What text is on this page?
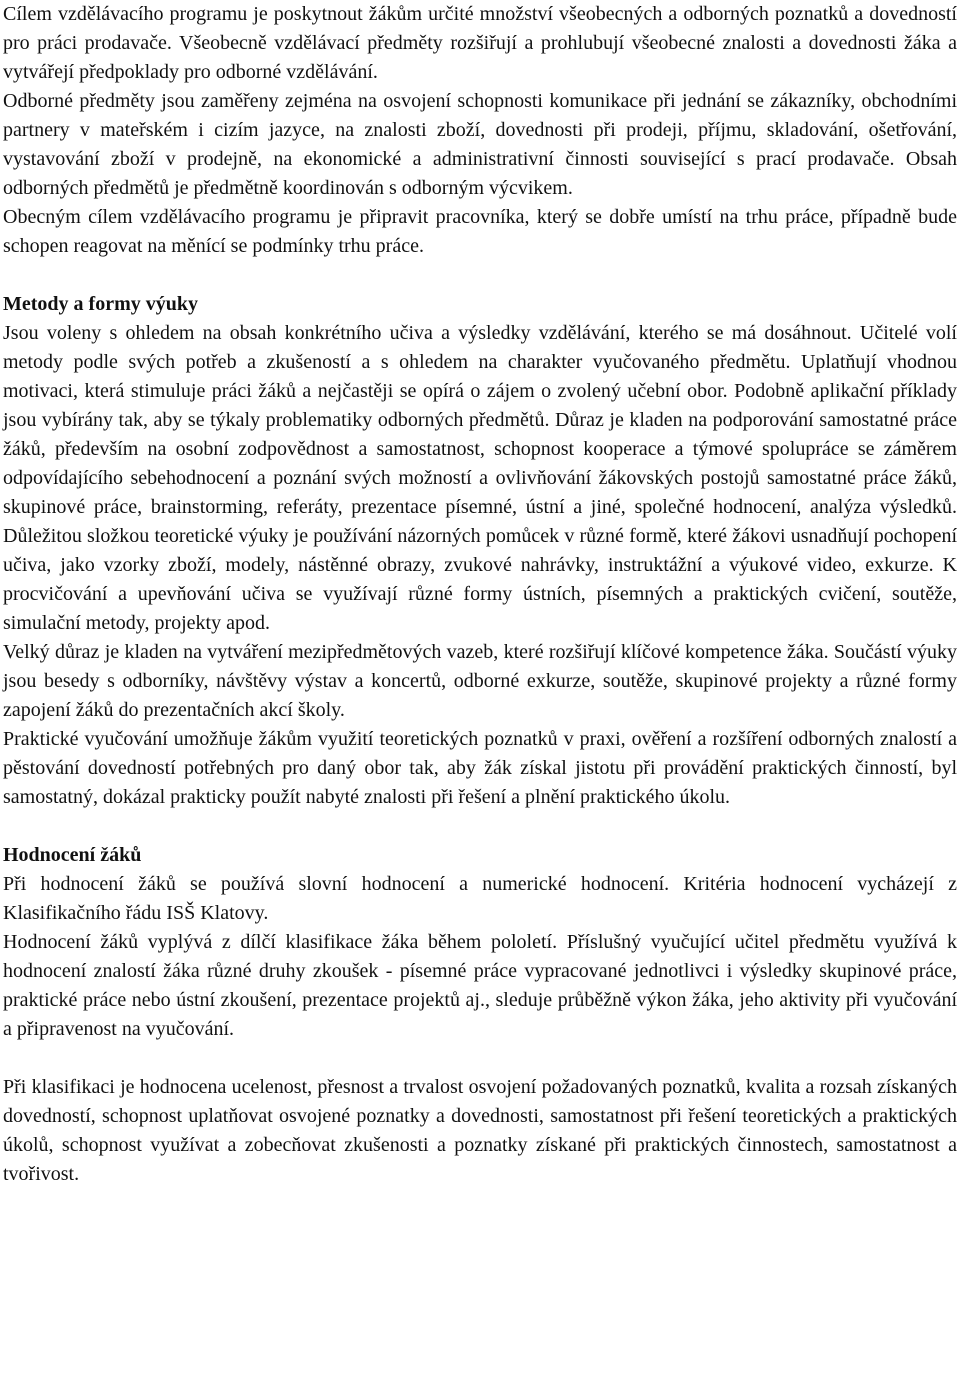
Cílem vzdělávacího programu je poskytnout žákům určité množství všeobecných a odborných poznatků a dovedností pro práci prodavače. Všeobecně vzdělávací předměty rozšiřují a prohlubují všeobecné znalosti a dovednosti žáka a vytvářejí předpoklady pro odborné vzdělávání.

Odborné předměty jsou zaměřeny zejména na osvojení schopnosti komunikace při jednání se zákazníky, obchodními partnery v mateřském i cizím jazyce, na znalosti zboží, dovednosti při prodeji, příjmu, skladování, ošetřování, vystavování zboží v prodejně, na ekonomické a administrativní činnosti související s prací prodavače. Obsah odborných předmětů je předmětně koordinován s odborným výcvikem.

Obecným cílem vzdělávacího programu je připravit pracovníka, který se dobře umístí na trhu práce, případně bude schopen reagovat na měnící se podmínky trhu práce.

Metody a formy výuky

Jsou voleny s ohledem na obsah konkrétního učiva a výsledky vzdělávání, kterého se má dosáhnout. Učitelé volí metody podle svých potřeb a zkušeností a s ohledem na charakter vyučovaného předmětu. Uplatňují vhodnou motivaci, která stimuluje práci žáků a nejčastěji se opírá o zájem o zvolený učební obor. Podobně aplikační příklady jsou vybírány tak, aby se týkaly problematiky odborných předmětů. Důraz je kladen na podporování samostatné práce žáků, především na osobní zodpovědnost a samostatnost, schopnost kooperace a týmové spolupráce se záměrem odpovídajícího sebehodnocení a poznání svých možností a ovlivňování žákovských postojů samostatné práce žáků, skupinové práce, brainstorming, referáty, prezentace písemné, ústní a jiné, společné hodnocení, analýza výsledků. Důležitou složkou teoretické výuky je používání názorných pomůcek v různé formě, které žákovi usnadňují pochopení učiva, jako vzorky zboží, modely, nástěnné obrazy, zvukové nahrávky, instruktážní a výukové video, exkurze. K procvičování a upevňování učiva se využívají různé formy ústních, písemných a praktických cvičení, soutěže, simulační metody, projekty apod.

Velký důraz je kladen na vytváření mezipředmětových vazeb, které rozšiřují klíčové kompetence žáka. Součástí výuky jsou besedy s odborníky, návštěvy výstav a koncertů, odborné exkurze, soutěže, skupinové projekty a různé formy zapojení žáků do prezentačních akcí školy.

Praktické vyučování umožňuje žákům využití teoretických poznatků v praxi, ověření a rozšíření odborných znalostí a pěstování dovedností potřebných pro daný obor tak, aby žák získal jistotu při provádění praktických činností, byl samostatný, dokázal prakticky použít nabyté znalosti při řešení a plnění praktického úkolu.

Hodnocení žáků

Při hodnocení žáků se používá slovní hodnocení a numerické hodnocení. Kritéria hodnocení vycházejí z Klasifikačního řádu ISŠ Klatovy.

Hodnocení žáků vyplývá z dílčí klasifikace žáka během pololetí. Příslušný vyučující učitel předmětu využívá k hodnocení znalostí žáka různé druhy zkoušek - písemné práce vypracované jednotlivci i výsledky skupinové práce, praktické práce nebo ústní zkoušení, prezentace projektů aj., sleduje průběžně výkon žáka, jeho aktivity při vyučování a připravenost na vyučování.

Při klasifikaci je hodnocena ucelenost, přesnost a trvalost osvojení požadovaných poznatků, kvalita a rozsah získaných dovedností, schopnost uplatňovat osvojené poznatky a dovednosti, samostatnost při řešení teoretických a praktických úkolů, schopnost využívat a zobecňovat zkušenosti a poznatky získané při praktických činnostech, samostatnost a tvořivost.
